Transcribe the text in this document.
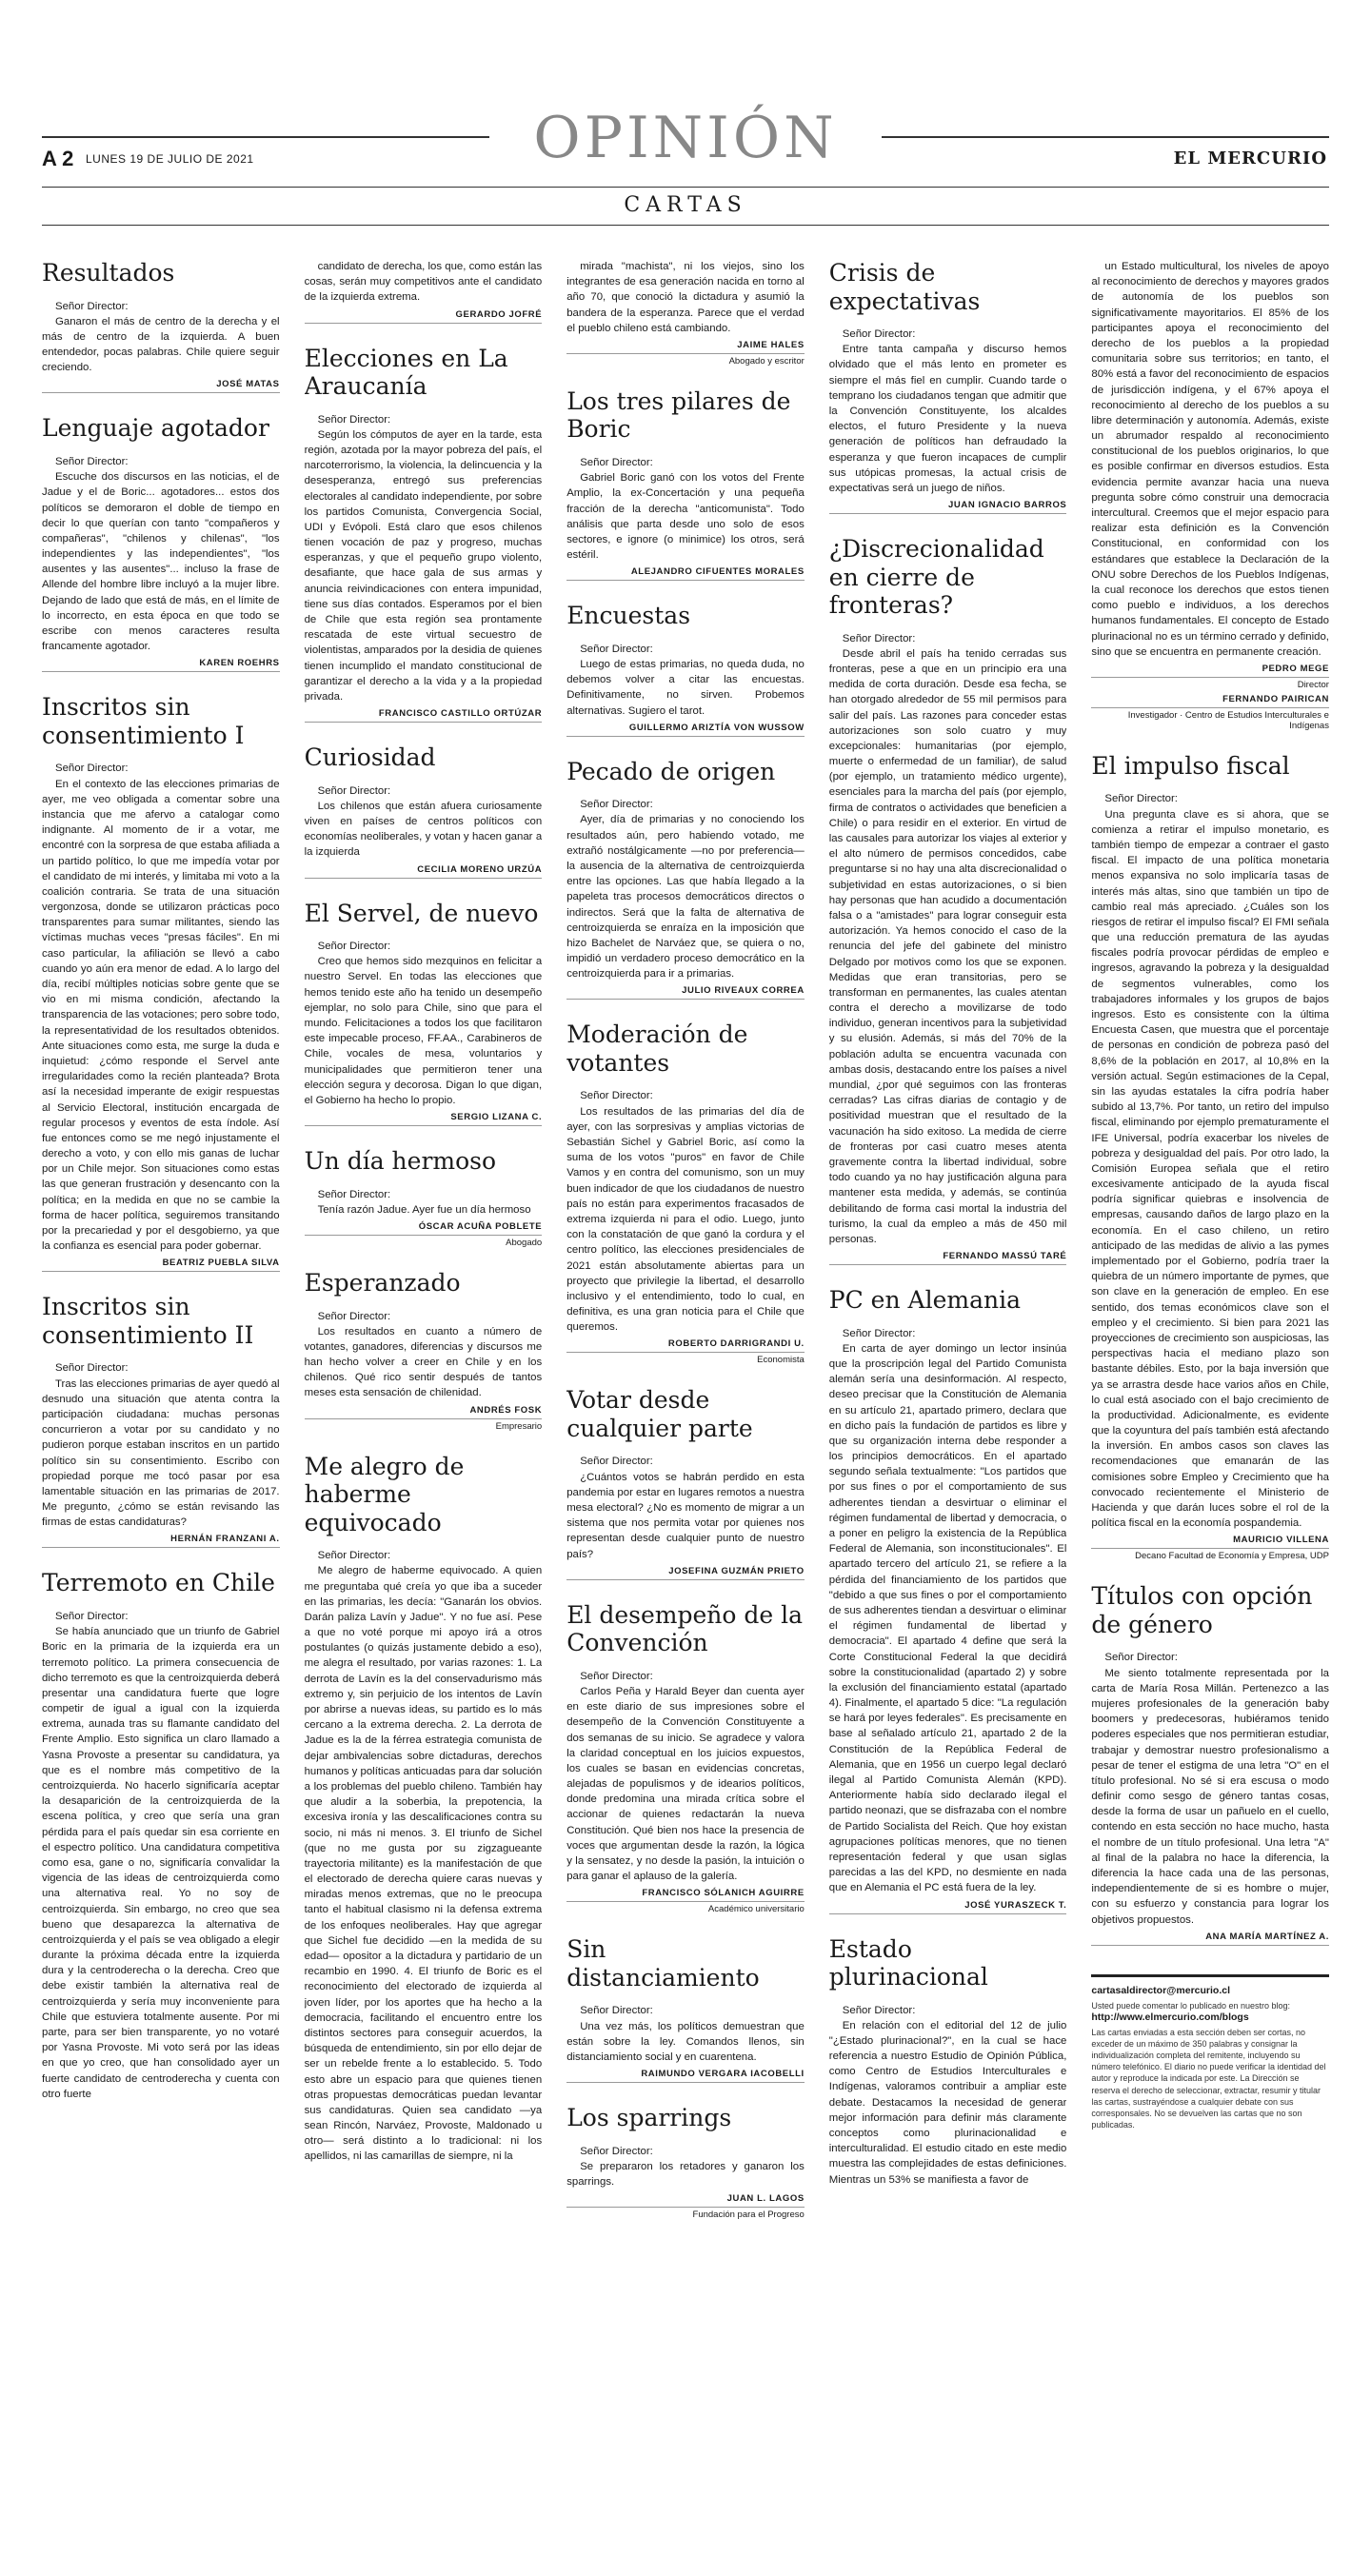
OPINIÓN
A 2 LUNES 19 DE JULIO DE 2021	EL MERCURIO
CARTAS
Resultados

Señor Director:

Ganaron el más de centro de la derecha y el más de centro de la izquierda. A buen entendedor, pocas palabras. Chile quiere seguir creciendo.

JOSÉ MATAS
Lenguaje agotador

Señor Director:

Escuche dos discursos en las noticias, el de Jadue y el de Boric... agotadores... estos dos políticos se demoraron el doble de tiempo en decir lo que querían con tanto "compañeros y compañeras", "chilenos y chilenas", "los independientes y las independientes", "los ausentes y las ausentes"... incluso la frase de Allende del hombre libre incluyó a la mujer libre. Dejando de lado que está de más, en el límite de lo incorrecto, en esta época en que todo se escribe con menos caracteres resulta francamente agotador.

KAREN ROEHRS
Inscritos sin consentimiento I

Señor Director:

En el contexto de las elecciones primarias de ayer, me veo obligada a comentar sobre una instancia que me afervo a catalogar como indignante. Al momento de ir a votar, me encontré con la sorpresa de que estaba afiliada a un partido político, lo que me impedía votar por el candidato de mi interés, y limitaba mi voto a la coalición contraria. Se trata de una situación vergonzosa, donde se utilizaron prácticas poco transparentes para sumar militantes, siendo las víctimas muchas veces "presas fáciles". En mi caso particular, la afiliación se llevó a cabo cuando yo aún era menor de edad. A lo largo del día, recibí múltiples noticias sobre gente que se vio en mi misma condición, afectando la transparencia de las votaciones; pero sobre todo, la representatividad de los resultados obtenidos. Ante situaciones como esta, me surge la duda e inquietud: ¿cómo responde el Servel ante irregularidades como la recién planteada? Brota así la necesidad imperante de exigir respuestas al Servicio Electoral, institución encargada de regular procesos y eventos de esta índole. Así fue entonces como se me negó injustamente el derecho a voto, y con ello mis ganas de luchar por un Chile mejor. Son situaciones como estas las que generan frustración y desencanto con la política; en la medida en que no se cambie la forma de hacer política, seguiremos transitando por la precariedad y por el desgobierno, ya que la confianza es esencial para poder gobernar.

BEATRIZ PUEBLA SILVA
Inscritos sin consentimiento II

Señor Director:

Tras las elecciones primarias de ayer quedó al desnudo una situación que atenta contra la participación ciudadana: muchas personas concurrieron a votar por su candidato y no pudieron porque estaban inscritos en un partido político sin su consentimiento. Escribo con propiedad porque me tocó pasar por esa lamentable situación en las primarias de 2017. Me pregunto, ¿cómo se están revisando las firmas de estas candidaturas?

HERNÁN FRANZANI A.
Terremoto en Chile

Señor Director:

Se había anunciado que un triunfo de Gabriel Boric en la primaria de la izquierda era un terremoto político. La primera consecuencia de dicho terremoto es que la centroizquierda deberá presentar una candidatura fuerte que logre competir de igual a igual con la izquierda extrema, aunada tras su flamante candidato del Frente Amplio. Esto significa un claro llamado a Yasna Provoste a presentar su candidatura, ya que es el nombre más competitivo de la centroizquierda. No hacerlo significaría aceptar la desaparición de la centroizquierda de la escena política, y creo que sería una gran pérdida para el país quedar sin esa corriente en el espectro político. Una candidatura competitiva como esa, gane o no, significaría convalidar la vigencia de las ideas de centroizquierda como una alternativa real. Yo no soy de centroizquierda. Sin embargo, no creo que sea bueno que desaparezca la alternativa de centroizquierda y el país se vea obligado a elegir durante la próxima década entre la izquierda dura y la centroderecha o la derecha. Creo que debe existir también la alternativa real de centroizquierda y sería muy inconveniente para Chile que estuviera totalmente ausente. Por mi parte, para ser bien transparente, yo no votaré por Yasna Provoste. Mi voto será por las ideas en que yo creo, que han consolidado ayer un fuerte candidato de centroderecha y cuenta con otro fuerte

candidato de derecha, los que, como están las cosas, serán muy competitivos ante el candidato de la izquierda extrema.

GERARDO JOFRÉ
Elecciones en La Araucanía

Señor Director:

Según los cómputos de ayer en la tarde, esta región, azotada por la mayor pobreza del país, el narcoterrorismo, la violencia, la delincuencia y la desesperanza, entregó sus preferencias electorales al candidato independiente, por sobre los partidos Comunista, Convergencia Social, UDI y Evópoli. Está claro que esos chilenos tienen vocación de paz y progreso, muchas esperanzas, y que el pequeño grupo violento, desafiante, que hace gala de sus armas y anuncia reivindicaciones con entera impunidad, tiene sus días contados. Esperamos por el bien de Chile que esta región sea prontamente rescatada de este virtual secuestro de violentistas, amparados por la desidia de quienes tienen incumplido el mandato constitucional de garantizar el derecho a la vida y a la propiedad privada.

FRANCISCO CASTILLO ORTÚZAR
Curiosidad

Señor Director:

Los chilenos que están afuera curiosamente viven en países de centros políticos con economías neoliberales, y votan y hacen ganar a la izquierda

CECILIA MORENO URZÚA
El Servel, de nuevo

Señor Director:

Creo que hemos sido mezquinos en felicitar a nuestro Servel. En todas las elecciones que hemos tenido este año ha tenido un desempeño ejemplar, no solo para Chile, sino que para el mundo. Felicitaciones a todos los que facilitaron este impecable proceso, FF.AA., Carabineros de Chile, vocales de mesa, voluntarios y municipalidades que permitieron tener una elección segura y decorosa. Digan lo que digan, el Gobierno ha hecho lo propio.

SERGIO LIZANA C.
Un día hermoso

Señor Director:

Tenía razón Jadue. Ayer fue un día hermoso

ÓSCAR ACUÑA POBLETE
Abogado
Esperanzado

Señor Director:

Los resultados en cuanto a número de votantes, ganadores, diferencias y discursos me han hecho volver a creer en Chile y en los chilenos. Qué rico sentir después de tantos meses esta sensación de chilenidad.

ANDRÉS FOSK
Empresario
Me alegro de haberme equivocado

Señor Director:

Me alegro de haberme equivocado. A quien me preguntaba qué creía yo que iba a suceder en las primarias, les decía: "Ganarán los obvios. Darán paliza Lavín y Jadue". Y no fue así. Pese a que no voté porque mi apoyo irá a otros postulantes (o quizás justamente debido a eso), me alegra el resultado, por varias razones: 1. La derrota de Lavín es la del conservadurismo más extremo y, sin perjuicio de los intentos de Lavín por abrirse a nuevas ideas, su partido es lo más cercano a la extrema derecha. 2. La derrota de Jadue es la de la férrea estrategia comunista de dejar ambivalencias sobre dictaduras, derechos humanos y políticas anticuadas para dar solución a los problemas del pueblo chileno. También hay que aludir a la soberbia, la prepotencia, la excesiva ironía y las descalificaciones contra su socio, ni más ni menos. 3. El triunfo de Sichel (que no me gusta por su zigzagueante trayectoria militante) es la manifestación de que el electorado de derecha quiere caras nuevas y miradas menos extremas, que no le preocupa tanto el habitual clasismo ni la defensa extrema de los enfoques neoliberales. Hay que agregar que Sichel fue decidido —en la medida de su edad— opositor a la dictadura y partidario de un recambio en 1990. 4. El triunfo de Boric es el reconocimiento del electorado de izquierda al joven líder, por los aportes que ha hecho a la democracia, facilitando el encuentro entre los distintos sectores para conseguir acuerdos, la búsqueda de entendimiento, sin por ello dejar de ser un rebelde frente a lo establecido. 5. Todo esto abre un espacio para que quienes tienen otras propuestas democráticas puedan levantar sus candidaturas. Quien sea candidato —ya sean Rincón, Narváez, Provoste, Maldonado u otro— será distinto a lo tradicional: ni los apellidos, ni las camarillas de siempre, ni la

mirada "machista", ni los viejos, sino los integrantes de esa generación nacida en torno al año 70, que conoció la dictadura y asumió la bandera de la esperanza. Parece que el verdad el pueblo chileno está cambiando.

JAIME HALES
Abogado y escritor
Los tres pilares de Boric

Señor Director:

Gabriel Boric ganó con los votos del Frente Amplio, la ex-Concertación y una pequeña fracción de la derecha "anticomunista". Todo análisis que parta desde uno solo de esos sectores, e ignore (o minimice) los otros, será estéril.

ALEJANDRO CIFUENTES MORALES
Encuestas

Señor Director:

Luego de estas primarias, no queda duda, no debemos volver a citar las encuestas. Definitivamente, no sirven. Probemos alternativas. Sugiero el tarot.

GUILLERMO ARIZTÍA VON WUSSOW
Pecado de origen

Señor Director:

Ayer, día de primarias y no conociendo los resultados aún, pero habiendo votado, me extrañó nostálgicamente —no por preferencia— la ausencia de la alternativa de centroizquierda entre las opciones. Las que había llegado a la papeleta tras procesos democráticos directos o indirectos. Será que la falta de alternativa de centroizquierda se enraíza en la imposición que hizo Bachelet de Narváez que, se quiera o no, impidió un verdadero proceso democrático en la centroizquierda para ir a primarias.

JULIO RIVEAUX CORREA
Moderación de votantes

Señor Director:

Los resultados de las primarias del día de ayer, con las sorpresivas y amplias victorias de Sebastián Sichel y Gabriel Boric, así como la suma de los votos "puros" en favor de Chile Vamos y en contra del comunismo, son un muy buen indicador de que los ciudadanos de nuestro país no están para experimentos fracasados de extrema izquierda ni para el odio. Luego, junto con la constatación de que ganó la cordura y el centro político, las elecciones presidenciales de 2021 están absolutamente abiertas para un proyecto que privilegie la libertad, el desarrollo inclusivo y el entendimiento, todo lo cual, en definitiva, es una gran noticia para el Chile que queremos.

ROBERTO DARRIGRANDI U.
Economista
Votar desde cualquier parte

Señor Director:

¿Cuántos votos se habrán perdido en esta pandemia por estar en lugares remotos a nuestra mesa electoral? ¿No es momento de migrar a un sistema que nos permita votar por quienes nos representan desde cualquier punto de nuestro país?

JOSEFINA GUZMÁN PRIETO
El desempeño de la Convención

Señor Director:

Carlos Peña y Harald Beyer dan cuenta ayer en este diario de sus impresiones sobre el desempeño de la Convención Constituyente a dos semanas de su inicio. Se agradece y valora la claridad conceptual en los juicios expuestos, los cuales se basan en evidencias concretas, alejadas de populismos y de idearios políticos, donde predomina una mirada crítica sobre el accionar de quienes redactarán la nueva Constitución. Qué bien nos hace la presencia de voces que argumentan desde la razón, la lógica y la sensatez, y no desde la pasión, la intuición o para ganar el aplauso de la galería.

FRANCISCO SÓLANICH AGUIRRE
Académico universitario
Sin distanciamiento

Señor Director:

Una vez más, los políticos demuestran que están sobre la ley. Comandos llenos, sin distanciamiento social y en cuarentena.

RAIMUNDO VERGARA IACOBELLI
Los sparrings

Señor Director:

Se prepararon los retadores y ganaron los sparrings.

JUAN L. LAGOS
Fundación para el Progreso
Crisis de expectativas

Señor Director:

Entre tanta campaña y discurso hemos olvidado que el más lento en prometer es siempre el más fiel en cumplir. Cuando tarde o temprano los ciudadanos tengan que admitir que la Convención Constituyente, los alcaldes electos, el futuro Presidente y la nueva generación de políticos han defraudado la esperanza y que fueron incapaces de cumplir sus utópicas promesas, la actual crisis de expectativas será un juego de niños.

JUAN IGNACIO BARROS
¿Discrecionalidad en cierre de fronteras?

Señor Director:

Desde abril el país ha tenido cerradas sus fronteras, pese a que en un principio era una medida de corta duración. Desde esa fecha, se han otorgado alrededor de 55 mil permisos para salir del país. Las razones para conceder estas autorizaciones son solo cuatro y muy excepcionales: humanitarias (por ejemplo, muerte o enfermedad de un familiar), de salud (por ejemplo, un tratamiento médico urgente), esenciales para la marcha del país (por ejemplo, firma de contratos o actividades que beneficien a Chile) o para residir en el exterior. En virtud de las causales para autorizar los viajes al exterior y el alto número de permisos concedidos, cabe preguntarse si no hay una alta discrecionalidad o subjetividad en estas autorizaciones, o si bien hay personas que han acudido a documentación falsa o a "amistades" para lograr conseguir esta autorización. Ya hemos conocido el caso de la renuncia del jefe del gabinete del ministro Delgado por motivos como los que se exponen. Medidas que eran transitorias, pero se transforman en permanentes, las cuales atentan contra el derecho a movilizarse de todo individuo, generan incentivos para la subjetividad y su elusión. Además, si más del 70% de la población adulta se encuentra vacunada con ambas dosis, destacando entre los países a nivel mundial, ¿por qué seguimos con las fronteras cerradas? Las cifras diarias de contagio y de positividad muestran que el resultado de la vacunación ha sido exitoso. La medida de cierre de fronteras por casi cuatro meses atenta gravemente contra la libertad individual, sobre todo cuando ya no hay justificación alguna para mantener esta medida, y además, se continúa debilitando de forma casi mortal la industria del turismo, la cual da empleo a más de 450 mil personas.

FERNANDO MASSÚ TARÉ
PC en Alemania

Señor Director:

En carta de ayer domingo un lector insinúa que la proscripción legal del Partido Comunista alemán sería una desinformación. Al respecto, deseo precisar que la Constitución de Alemania en su artículo 21, apartado primero, declara que en dicho país la fundación de partidos es libre y que su organización interna debe responder a los principios democráticos. En el apartado segundo señala textualmente: "Los partidos que por sus fines o por el comportamiento de sus adherentes tiendan a desvirtuar o eliminar el régimen fundamental de libertad y democracia, o a poner en peligro la existencia de la República Federal de Alemania, son inconstitucionales". El apartado tercero del artículo 21, se refiere a la pérdida del financiamiento de los partidos que "debido a que sus fines o por el comportamiento de sus adherentes tiendan a desvirtuar o eliminar el régimen fundamental de libertad y democracia". El apartado 4 define que será la Corte Constitucional Federal la que decidirá sobre la constitucionalidad (apartado 2) y sobre la exclusión del financiamiento estatal (apartado 4). Finalmente, el apartado 5 dice: "La regulación se hará por leyes federales". Es precisamente en base al señalado artículo 21, apartado 2 de la Constitución de la República Federal de Alemania, que en 1956 un cuerpo legal declaró ilegal al Partido Comunista Alemán (KPD). Anteriormente había sido declarado ilegal el partido neonazi, que se disfrazaba con el nombre de Partido Socialista del Reich. Que hoy existan agrupaciones políticas menores, que no tienen representación federal y que usan siglas parecidas a las del KPD, no desmiente en nada que en Alemania el PC está fuera de la ley.

JOSÉ YURASZECK T.
Estado plurinacional

Señor Director:

En relación con el editorial del 12 de julio "¿Estado plurinacional?", en la cual se hace referencia a nuestro Estudio de Opinión Pública, como Centro de Estudios Interculturales e Indígenas, valoramos contribuir a ampliar este debate. Destacamos la necesidad de generar mejor información para definir más claramente conceptos como plurinacionalidad e interculturalidad. El estudio citado en este medio muestra las complejidades de estas definiciones. Mientras un 53% se manifiesta a favor de

un Estado multicultural, los niveles de apoyo al reconocimiento de derechos y mayores grados de autonomía de los pueblos son significativamente mayoritarios. El 85% de los participantes apoya el reconocimiento del derecho de los pueblos a la propiedad comunitaria sobre sus territorios; en tanto, el 80% está a favor del reconocimiento de espacios de jurisdicción indígena, y el 67% apoya el reconocimiento al derecho de los pueblos a su libre determinación y autonomía. Además, existe un abrumador respaldo al reconocimiento constitucional de los pueblos originarios, lo que es posible confirmar en diversos estudios. Esta evidencia permite avanzar hacia una nueva pregunta sobre cómo construir una democracia intercultural. Creemos que el mejor espacio para realizar esta definición es la Convención Constitucional, en conformidad con los estándares que establece la Declaración de la ONU sobre Derechos de los Pueblos Indígenas, la cual reconoce los derechos que estos tienen como pueblo e individuos, a los derechos humanos fundamentales. El concepto de Estado plurinacional no es un término cerrado y definido, sino que se encuentra en permanente creación.

PEDRO MEGE
Director
FERNANDO PAIRICAN
Investigador · Centro de Estudios Interculturales e Indígenas
El impulso fiscal

Señor Director:

Una pregunta clave es si ahora, que se comienza a retirar el impulso monetario, es también tiempo de empezar a contraer el gasto fiscal. El impacto de una política monetaria menos expansiva no solo implicaría tasas de interés más altas, sino que también un tipo de cambio real más apreciado. ¿Cuáles son los riesgos de retirar el impulso fiscal? El FMI señala que una reducción prematura de las ayudas fiscales podría provocar pérdidas de empleo e ingresos, agravando la pobreza y la desigualdad de segmentos vulnerables, como los trabajadores informales y los grupos de bajos ingresos. Esto es consistente con la última Encuesta Casen, que muestra que el porcentaje de personas en condición de pobreza pasó del 8,6% de la población en 2017, al 10,8% en la versión actual. Según estimaciones de la Cepal, sin las ayudas estatales la cifra podría haber subido al 13,7%. Por tanto, un retiro del impulso fiscal, eliminando por ejemplo prematuramente el IFE Universal, podría exacerbar los niveles de pobreza y desigualdad del país. Por otro lado, la Comisión Europea señala que el retiro excesivamente anticipado de la ayuda fiscal podría significar quiebras e insolvencia de empresas, causando daños de largo plazo en la economía. En el caso chileno, un retiro anticipado de las medidas de alivio a las pymes implementado por el Gobierno, podría traer la quiebra de un número importante de pymes, que son clave en la generación de empleo. En ese sentido, dos temas económicos clave son el empleo y el crecimiento. Si bien para 2021 las proyecciones de crecimiento son auspiciosas, las perspectivas hacia el mediano plazo son bastante débiles. Esto, por la baja inversión que ya se arrastra desde hace varios años en Chile, lo cual está asociado con el bajo crecimiento de la productividad. Adicionalmente, es evidente que la coyuntura del país también está afectando la inversión. En ambos casos son claves las recomendaciones que emanarán de las comisiones sobre Empleo y Crecimiento que ha convocado recientemente el Ministerio de Hacienda y que darán luces sobre el rol de la política fiscal en la economía pospandemia.

MAURICIO VILLENA
Decano Facultad de Economía y Empresa, UDP
Títulos con opción de género

Señor Director:

Me siento totalmente representada por la carta de María Rosa Millán. Pertenezco a las mujeres profesionales de la generación baby boomers y predecesoras, hubiéramos tenido poderes especiales que nos permitieran estudiar, trabajar y demostrar nuestro profesionalismo a pesar de tener el estigma de una letra "O" en el título profesional. No sé si era escusa o modo definir como sesgo de género tantas cosas, desde la forma de usar un pañuelo en el cuello, contendo en esta sección no hace mucho, hasta el nombre de un título profesional. Una letra "A" al final de la palabra no hace la diferencia, la diferencia la hace cada una de las personas, independientemente de si es hombre o mujer, con su esfuerzo y constancia para lograr los objetivos propuestos.

ANA MARÍA MARTÍNEZ A.
cartasaldirector@mercurio.cl
Usted puede comentar lo publicado en nuestro blog:
http://www.elmercurio.com/blogs
Las cartas enviadas a esta sección deben ser cortas, no exceder de un máximo de 350 palabras y consignar la individualización completa del remitente, incluyendo su número telefónico. El diario no puede verificar la identidad del autor y reproduce la indicada por este. La Dirección se reserva el derecho de seleccionar, extractar, resumir y titular las cartas, sustrayéndose a cualquier debate con sus corresponsales. No se devuelven las cartas que no son publicadas.
